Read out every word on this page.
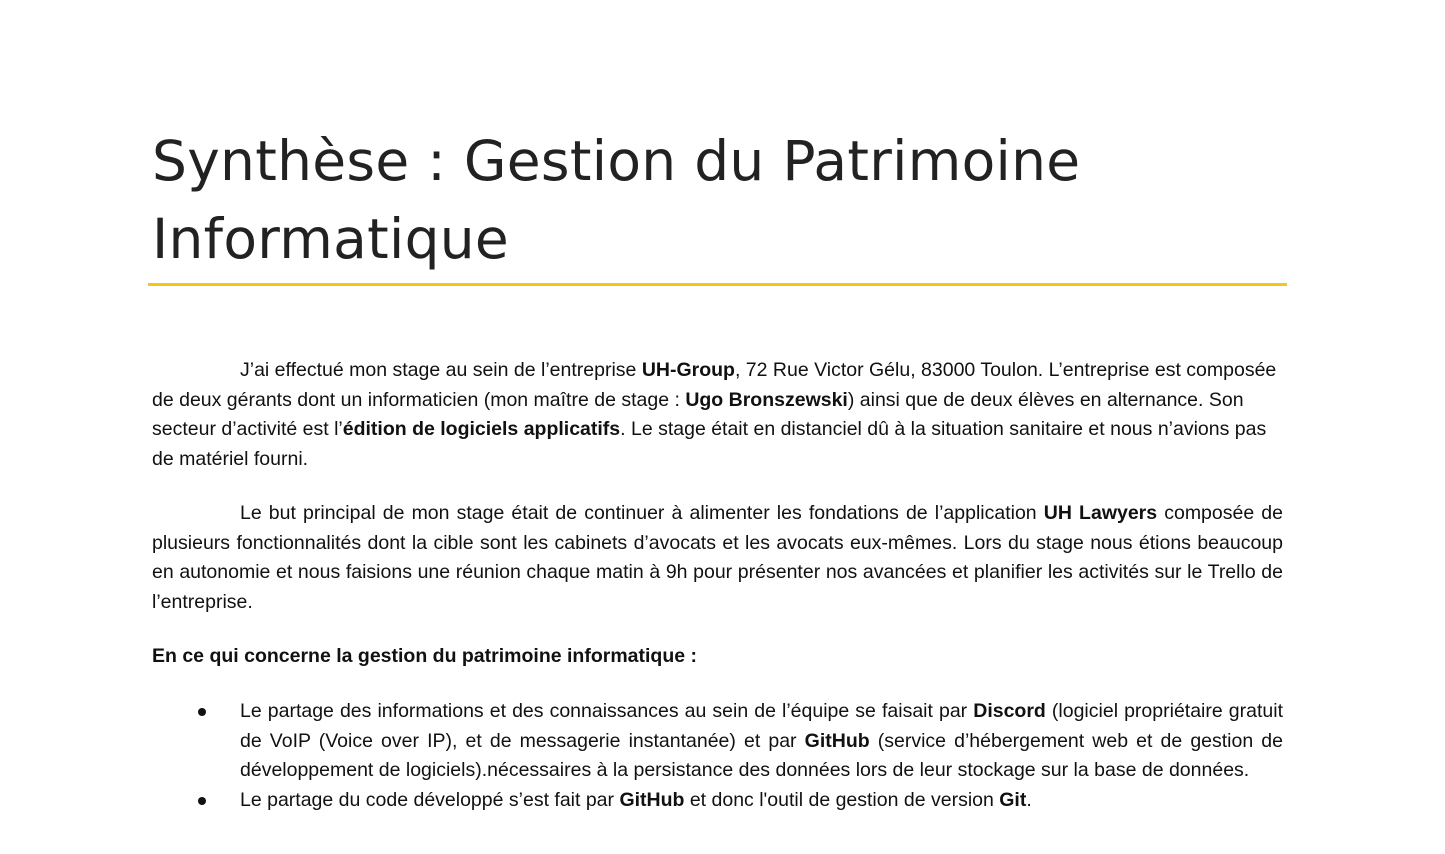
Synthèse : Gestion du Patrimoine Informatique

J’ai effectué mon stage au sein de l’entreprise UH-Group, 72 Rue Victor Gélu, 83000 Toulon. L’entreprise est composée de deux gérants dont un informaticien (mon maître de stage : Ugo Bronszewski) ainsi que de deux élèves en alternance. Son secteur d’activité est l’édition de logiciels applicatifs. Le stage était en distanciel dû à la situation sanitaire et nous n’avions pas de matériel fourni.

Le but principal de mon stage était de continuer à alimenter les fondations de l’application UH Lawyers composée de plusieurs fonctionnalités dont la cible sont les cabinets d’avocats et les avocats eux-mêmes. Lors du stage nous étions beaucoup en autonomie et nous faisions une réunion chaque matin à 9h pour présenter nos avancées et planifier les activités sur le Trello de l’entreprise.

En ce qui concerne la gestion du patrimoine informatique :

Le partage des informations et des connaissances au sein de l’équipe se faisait par Discord (logiciel propriétaire gratuit de VoIP (Voice over IP), et de messagerie instantanée) et par GitHub (service d’hébergement web et de gestion de développement de logiciels).nécessaires à la persistance des données lors de leur stockage sur la base de données.
Le partage du code développé s’est fait par GitHub et donc l'outil de gestion de version Git.
